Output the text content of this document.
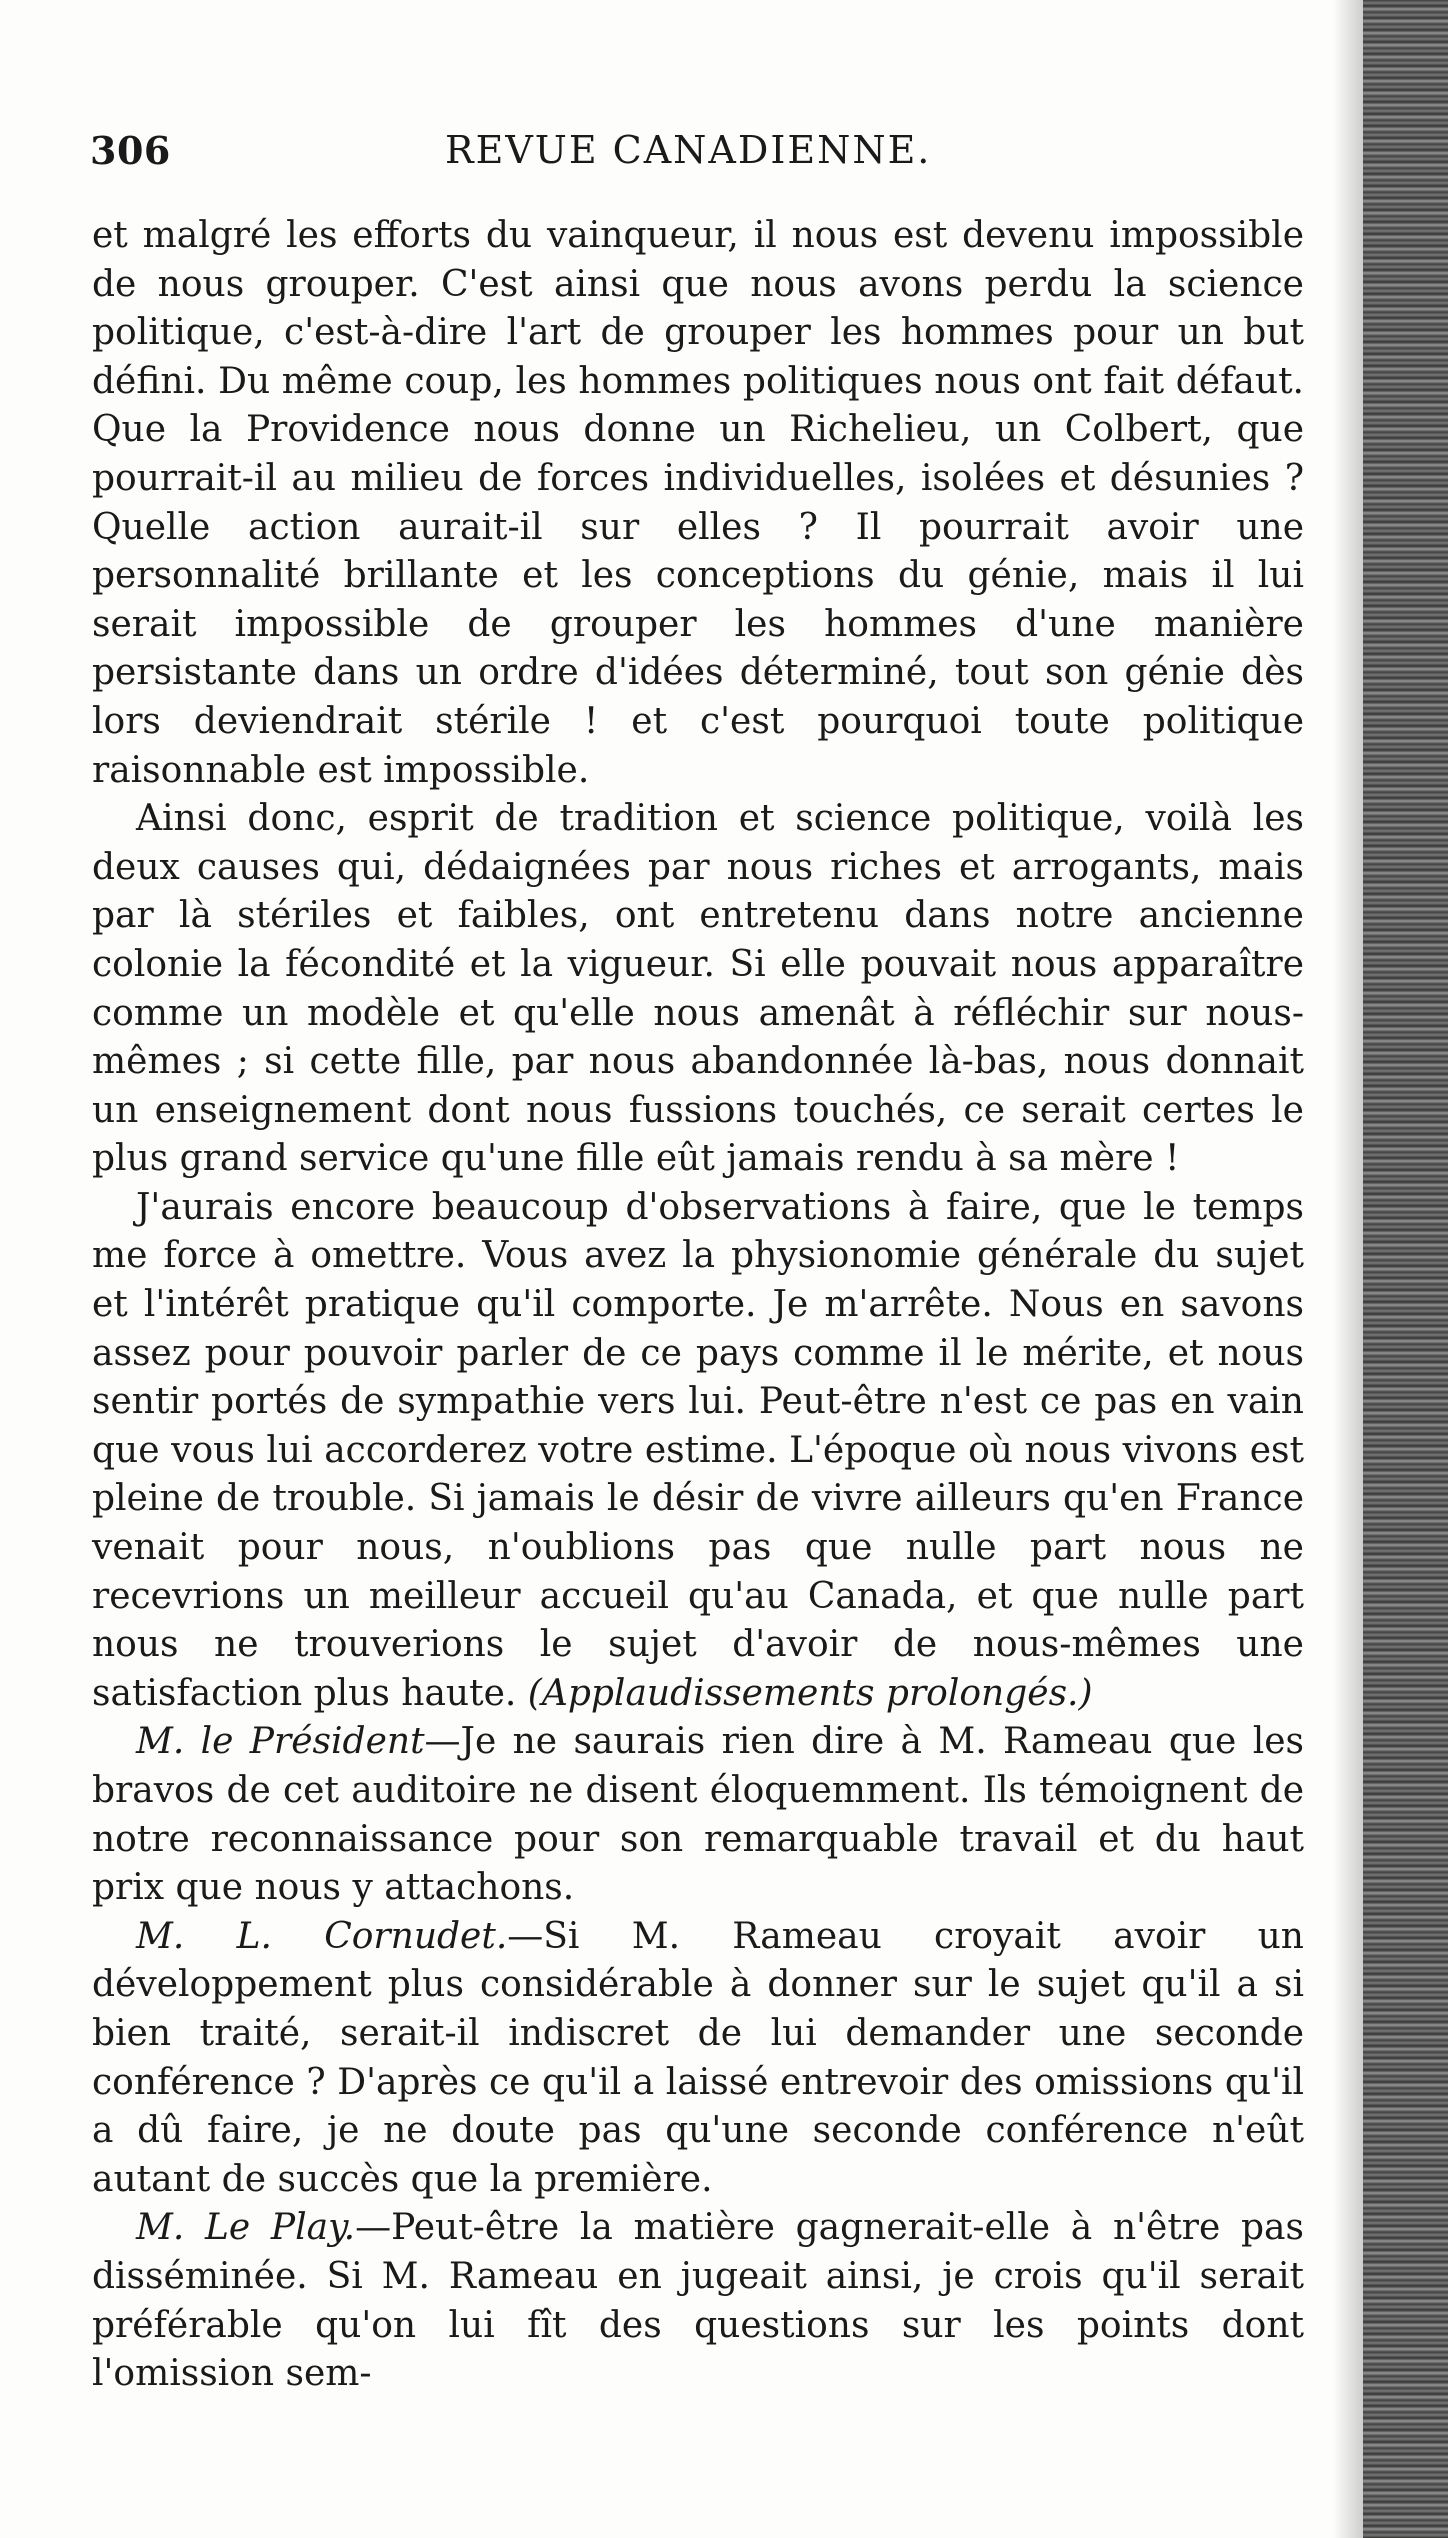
306	REVUE CANADIENNE.

et malgré les efforts du vainqueur, il nous est devenu impossible de nous grouper. C'est ainsi que nous avons perdu la science politique, c'est-à-dire l'art de grouper les hommes pour un but défini. Du même coup, les hommes politiques nous ont fait défaut. Que la Providence nous donne un Richelieu, un Colbert, que pourrait-il au milieu de forces individuelles, isolées et désunies ? Quelle action aurait-il sur elles ? Il pourrait avoir une personnalité brillante et les conceptions du génie, mais il lui serait impossible de grouper les hommes d'une manière persistante dans un ordre d'idées déterminé, tout son génie dès lors deviendrait stérile ! et c'est pourquoi toute politique raisonnable est impossible.

Ainsi donc, esprit de tradition et science politique, voilà les deux causes qui, dédaignées par nous riches et arrogants, mais par là stériles et faibles, ont entretenu dans notre ancienne colonie la fécondité et la vigueur. Si elle pouvait nous apparaître comme un modèle et qu'elle nous amenât à réfléchir sur nous-mêmes ; si cette fille, par nous abandonnée là-bas, nous donnait un enseignement dont nous fussions touchés, ce serait certes le plus grand service qu'une fille eût jamais rendu à sa mère !

J'aurais encore beaucoup d'observations à faire, que le temps me force à omettre. Vous avez la physionomie générale du sujet et l'intérêt pratique qu'il comporte. Je m'arrête. Nous en savons assez pour pouvoir parler de ce pays comme il le mérite, et nous sentir portés de sympathie vers lui. Peut-être n'est ce pas en vain que vous lui accorderez votre estime. L'époque où nous vivons est pleine de trouble. Si jamais le désir de vivre ailleurs qu'en France venait pour nous, n'oublions pas que nulle part nous ne recevrions un meilleur accueil qu'au Canada, et que nulle part nous ne trouverions le sujet d'avoir de nous-mêmes une satisfaction plus haute. (Applaudissements prolongés.)

M. le Président—Je ne saurais rien dire à M. Rameau que les bravos de cet auditoire ne disent éloquemment. Ils témoignent de notre reconnaissance pour son remarquable travail et du haut prix que nous y attachons.

M. L. Cornudet.—Si M. Rameau croyait avoir un développement plus considérable à donner sur le sujet qu'il a si bien traité, serait-il indiscret de lui demander une seconde conférence ? D'après ce qu'il a laissé entrevoir des omissions qu'il a dû faire, je ne doute pas qu'une seconde conférence n'eût autant de succès que la première.

M. Le Play.—Peut-être la matière gagnerait-elle à n'être pas disséminée. Si M. Rameau en jugeait ainsi, je crois qu'il serait préférable qu'on lui fît des questions sur les points dont l'omission sem-
